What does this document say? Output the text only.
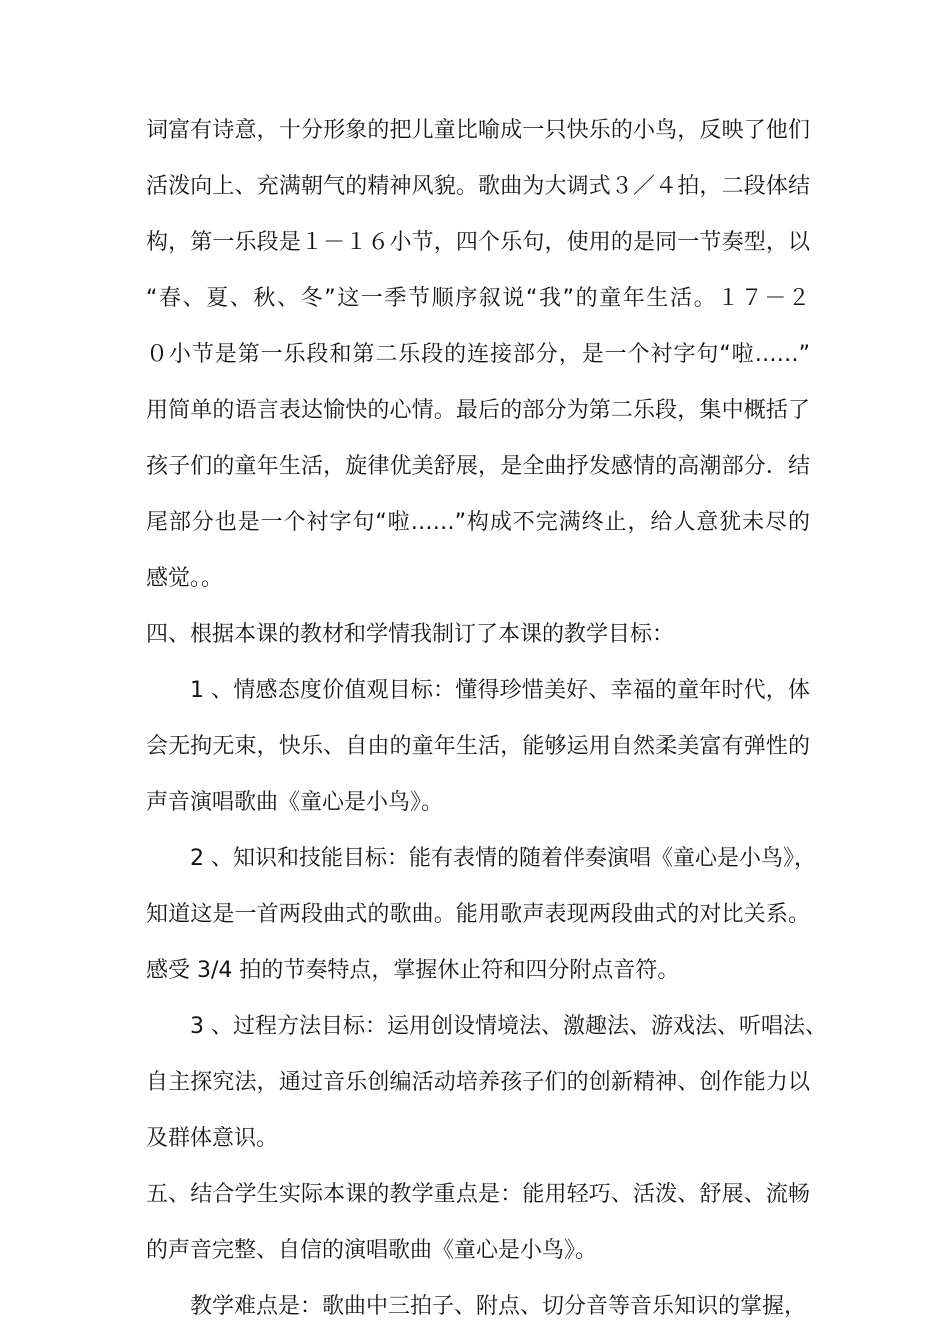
词富有诗意，十分形象的把儿童比喻成一只快乐的小鸟，反映了他们
活泼向上、充满朝气的精神风貌。歌曲为大调式３／４拍，二段体结
构，第一乐段是１－１６小节，四个乐句，使用的是同一节奏型，以
“春、夏、秋、冬”这一季节顺序叙说“我”的童年生活。１７－２
０小节是第一乐段和第二乐段的连接部分，是一个衬字句“啦……”
用简单的语言表达愉快的心情。最后的部分为第二乐段，集中概括了
孩子们的童年生活，旋律优美舒展，是全曲抒发感情的高潮部分．结
尾部分也是一个衬字句“啦……”构成不完满终止，给人意犹未尽的
感觉。。
四、根据本课的教材和学情我制订了本课的教学目标：
1 、情感态度价值观目标：懂得珍惜美好、幸福的童年时代，体
会无拘无束，快乐、自由的童年生活，能够运用自然柔美富有弹性的
声音演唱歌曲《童心是小鸟》。
2 、知识和技能目标：能有表情的随着伴奏演唱《童心是小鸟》，
知道这是一首两段曲式的歌曲。能用歌声表现两段曲式的对比关系。
感受 3/4 拍的节奏特点，掌握休止符和四分附点音符。
3 、过程方法目标：运用创设情境法、激趣法、游戏法、听唱法、
自主探究法，通过音乐创编活动培养孩子们的创新精神、创作能力以
及群体意识。
五、结合学生实际本课的教学重点是：能用轻巧、活泼、舒展、流畅
的声音完整、自信的演唱歌曲《童心是小鸟》。
教学难点是：歌曲中三拍子、附点、切分音等音乐知识的掌握，
